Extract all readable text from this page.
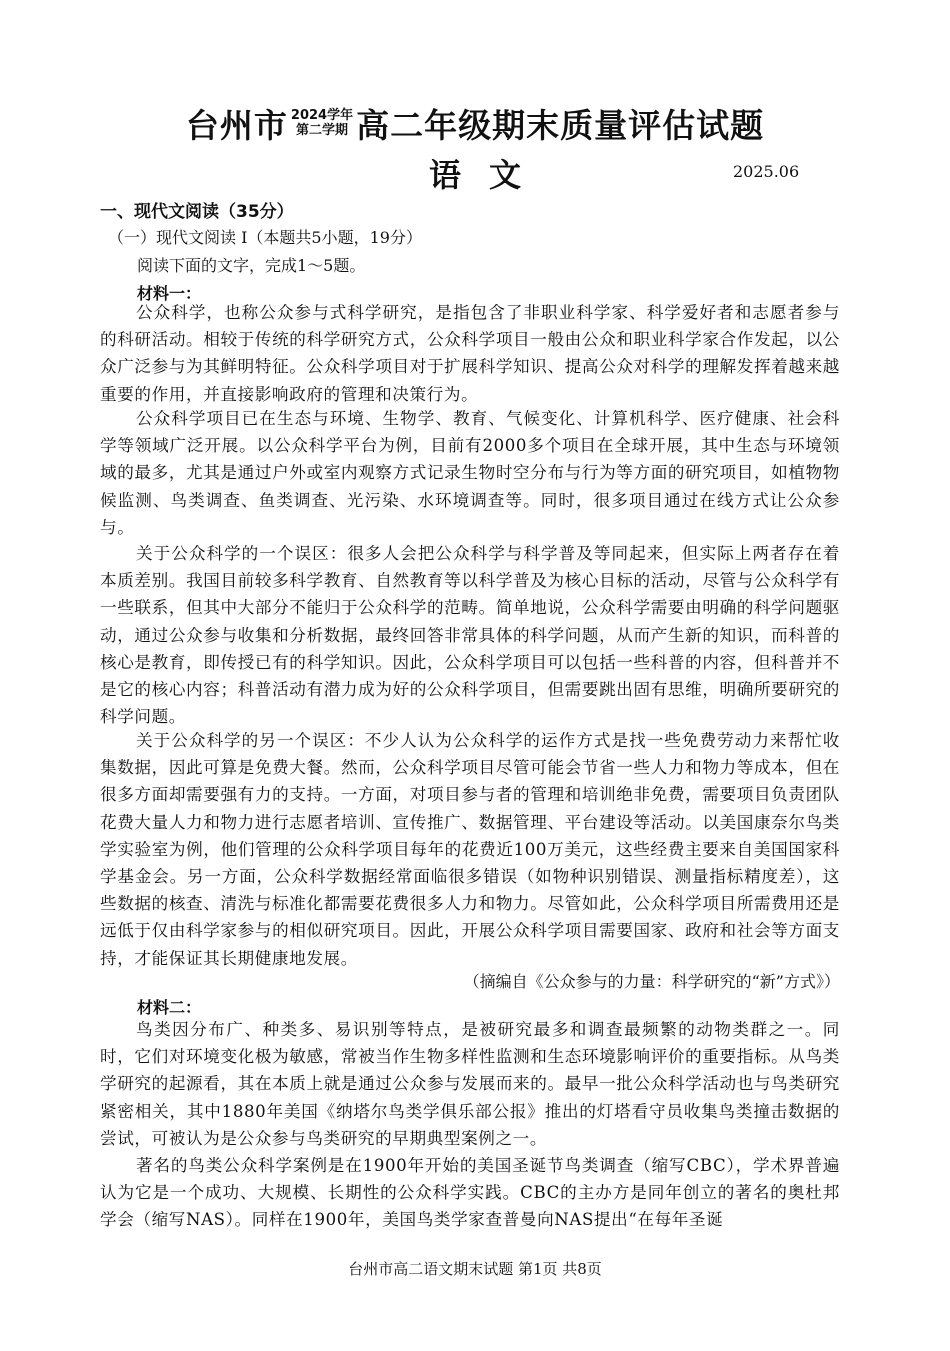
台州市 2024学年
第二学期 高二年级期末质量评估试题
语文	2025.06
一、现代文阅读（35分）
（一）现代文阅读 I（本题共5小题，19分）
阅读下面的文字，完成1～5题。
材料一：

公众科学，也称公众参与式科学研究，是指包含了非职业科学家、科学爱好者和志愿者参与的科研活动。相较于传统的科学研究方式，公众科学项目一般由公众和职业科学家合作发起，以公众广泛参与为其鲜明特征。公众科学项目对于扩展科学知识、提高公众对科学的理解发挥着越来越重要的作用，并直接影响政府的管理和决策行为。

公众科学项目已在生态与环境、生物学、教育、气候变化、计算机科学、医疗健康、社会科学等领域广泛开展。以公众科学平台为例，目前有2000多个项目在全球开展，其中生态与环境领域的最多，尤其是通过户外或室内观察方式记录生物时空分布与行为等方面的研究项目，如植物物候监测、鸟类调查、鱼类调查、光污染、水环境调查等。同时，很多项目通过在线方式让公众参与。

关于公众科学的一个误区：很多人会把公众科学与科学普及等同起来，但实际上两者存在着本质差别。我国目前较多科学教育、自然教育等以科学普及为核心目标的活动，尽管与公众科学有一些联系，但其中大部分不能归于公众科学的范畴。简单地说，公众科学需要由明确的科学问题驱动，通过公众参与收集和分析数据，最终回答非常具体的科学问题，从而产生新的知识，而科普的核心是教育，即传授已有的科学知识。因此，公众科学项目可以包括一些科普的内容，但科普并不是它的核心内容；科普活动有潜力成为好的公众科学项目，但需要跳出固有思维，明确所要研究的科学问题。

关于公众科学的另一个误区：不少人认为公众科学的运作方式是找一些免费劳动力来帮忙收集数据，因此可算是免费大餐。然而，公众科学项目尽管可能会节省一些人力和物力等成本，但在很多方面却需要强有力的支持。一方面，对项目参与者的管理和培训绝非免费，需要项目负责团队花费大量人力和物力进行志愿者培训、宣传推广、数据管理、平台建设等活动。以美国康奈尔鸟类学实验室为例，他们管理的公众科学项目每年的花费近100万美元，这些经费主要来自美国国家科学基金会。另一方面，公众科学数据经常面临很多错误（如物种识别错误、测量指标精度差），这些数据的核查、清洗与标准化都需要花费很多人力和物力。尽管如此，公众科学项目所需费用还是远低于仅由科学家参与的相似研究项目。因此，开展公众科学项目需要国家、政府和社会等方面支持，才能保证其长期健康地发展。

（摘编自《公众参与的力量：科学研究的“新”方式》）
材料二：

鸟类因分布广、种类多、易识别等特点，是被研究最多和调查最频繁的动物类群之一。同时，它们对环境变化极为敏感，常被当作生物多样性监测和生态环境影响评价的重要指标。从鸟类学研究的起源看，其在本质上就是通过公众参与发展而来的。最早一批公众科学活动也与鸟类研究紧密相关，其中1880年美国《纳塔尔鸟类学俱乐部公报》推出的灯塔看守员收集鸟类撞击数据的尝试，可被认为是公众参与鸟类研究的早期典型案例之一。

著名的鸟类公众科学案例是在1900年开始的美国圣诞节鸟类调查（缩写CBC），学术界普遍认为它是一个成功、大规模、长期性的公众科学实践。CBC的主办方是同年创立的著名的奥杜邦学会（缩写NAS）。同样在1900年，美国鸟类学家查普曼向NAS提出“在每年圣诞

台州市高二语文期末试题 第1页 共8页
